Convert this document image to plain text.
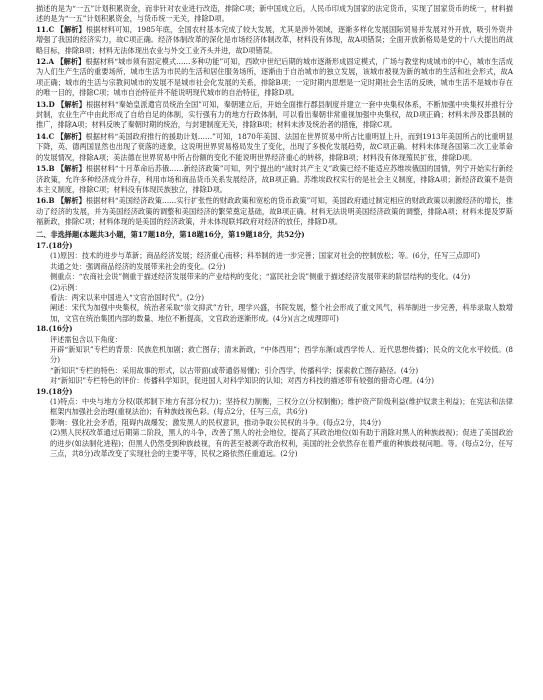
描述的是为“一五”计划积累资金，而非针对农业进行改造，排除C项；新中国成立后，人民币印成为国家的法定货币，实现了国家货币的统一，材料描述的是为“一五”计划积累资金，与货币统一无关，排除D项。

11.C 【解析】根据材料可知，1985年底，全国农村基本完成了较大发展，尤其是涉外领域，逐渐多样化发展国际贸易并发展对外开放，吸引外资并增强了我国的经济实力，故C项正确。经济体制改革的深化是市场经济体制改革，材料没有体现，故A项错误；全面开放新格局是党的十八大提出的战略目标，排除B项；材料无法体现出农业与外交工业齐头并进，故D项错误。

12.A 【解析】根据材料“城市须有固定模式……多种功能”可知，西欧中世纪后期的城市逐渐形成固定模式，广场与教堂构成城市的中心，城市生活成为人们生产生活的重要场所，城市生活为市民的生活和居住服务场所，逐渐由于自治城市的独立发展，该城市被视为新的城市的生活和社会形式，故A项正确；城市的生活与宗教间城市的发展不是城市社会化发展的关系，排除B项；一定时期内思想是一定时期社会生活的反映，城市生活不是城市存在的唯一目的，排除C项；城市自治特征并不能说明现代城市的自治特征，排除D项。

13.D 【解析】根据材料“秦始皇派遣官员统治全国”可知，秦朝建立后，开始全面推行郡县制度并建立一套中央集权体系，不断加强中央集权并推行分封制，农业生产中由此形成了自给自足的体制，实行强有力的地方行政体制，可以看出秦朝非常重视加强中央集权，故D项正确；材料未涉及郡县制的推广，排除A项；材料反映了秦朝时期的统治，与封建制度无关，排除B项；材料未涉及统治者的措施，排除C项。

14.C 【解析】根据材料“美国政府推行的援助计划……”可知，1870年美国、法国在世界贸易中所占比重明显上升，而到1913年美国所占的比重明显下降，英、德两国显然也出现了衰落的迹象，这说明世界贸易格局发生了变化，出现了多极化发展趋势，故C项正确。材料未体现各国第二次工业革命的发展情况，排除A项；美法德在世界贸易中所占份额的变化不能说明世界经济重心的转移，排除B项；材料没有体现殖民扩张，排除D项。

15.B 【解析】根据材料“十月革命后苏俄……新经济政策”可知，列宁提出的“战时共产主义”政策已经不能适应苏维埃俄国的国情，列宁开始实行新经济政策，允许多种经济成分并存，利用市场和商品货币关系发展经济，故B项正确。苏维埃政权实行的是社会主义制度，排除A项；新经济政策不是资本主义制度，排除C项；材料没有体现民族独立，排除D项。

16.B 【解析】根据材料“美国经济政策……实行扩张性的财政政策和宽松的货币政策”可知，美国政府通过制定相应的财政政策以刺激经济的增长，推动了经济的发展，并为美国经济政策的调整和美国经济的繁荣奠定基础，故B项正确。材料无法说明美国经济政策的调整，排除A项；材料未提及罗斯福新政，排除C项；材料体现的是美国的经济政策，并未体现联邦政府对经济的放任，排除D项。

二、非选择题(本题共3小题，第17题18分，第18题16分，第19题18分，共52分)

17.(18分)

(1)原因：技术的进步与革新；商品经济发展；经济重心南移；科举制的进一步完善；国家对社会的控制放松；等。(6分，任写三点即可)

共通之处：强调商品经济的发展带来社会的变化。(2分)

侧重点：“农商社会说”侧重于描述经济发展带来的产业结构的变化；“富民社会说”侧重于描述经济发展带来的阶层结构的变化。(4分)

(2)示例：

看法：两宋以来中国进入“文官治国时代”。(2分)

阐述：宋代为加强中央集权，统治者采取“崇文抑武”方针，理学兴盛，书院发展，整个社会形成了重文风气，科举制进一步完善，科举录取人数增加，文官在统治集团内部的数量、地位不断提高，文官政治逐渐形成。(4分)(言之成理即可)

18.(16分)

评述需包含以下角度：

开辟“新知识”专栏的背景：民族危机加剧；救亡图存；清末新政，“中体西用”；西学东渐(或西学传人、近代思想传播)；民众的文化水平较低。(8分)

“新知识”专栏的特色：采用故事的形式，以古带面(或带通俗易懂)；引介西学，传播科学；探索救亡图存路径。(4分)

对“新知识”专栏特色的评价：传播科学知识，促进国人对科学知识的认知；对西方科技的描述带有较强的猎奇心理。(4分)

19.(18分)

(1)特点：中央与地方分权(联邦制下地方有部分权力)；坚持权力制衡，三权分立(分权制衡)；维护资产阶级利益(维护奴隶主利益)；在宪法和法律框架内加强社会治理(重视法治)；有种族歧视色彩。(每点2分，任写三点，共6分)

影响：强化社会矛盾，阻碍内战爆发；激发黑人的民权意识，推动争取公民权的斗争。(每点2分，共4分)

(2)黑人民权改革通过后期第二阶段，黑人的斗争，改善了黑人的社会地位，提高了其政治地位(如有助于消除对黑人的种族歧视)；促进了美国政治的进步(如法制化进程)；但黑人仍然受到种族歧视，有的甚至被剥夺政治权利，美国的社会依然存在着严重的种族歧视问题。等。(每点2分，任写三点，共8分)改革改变了实现社会的主要平等，民权之路依然任重道远。(2分)
